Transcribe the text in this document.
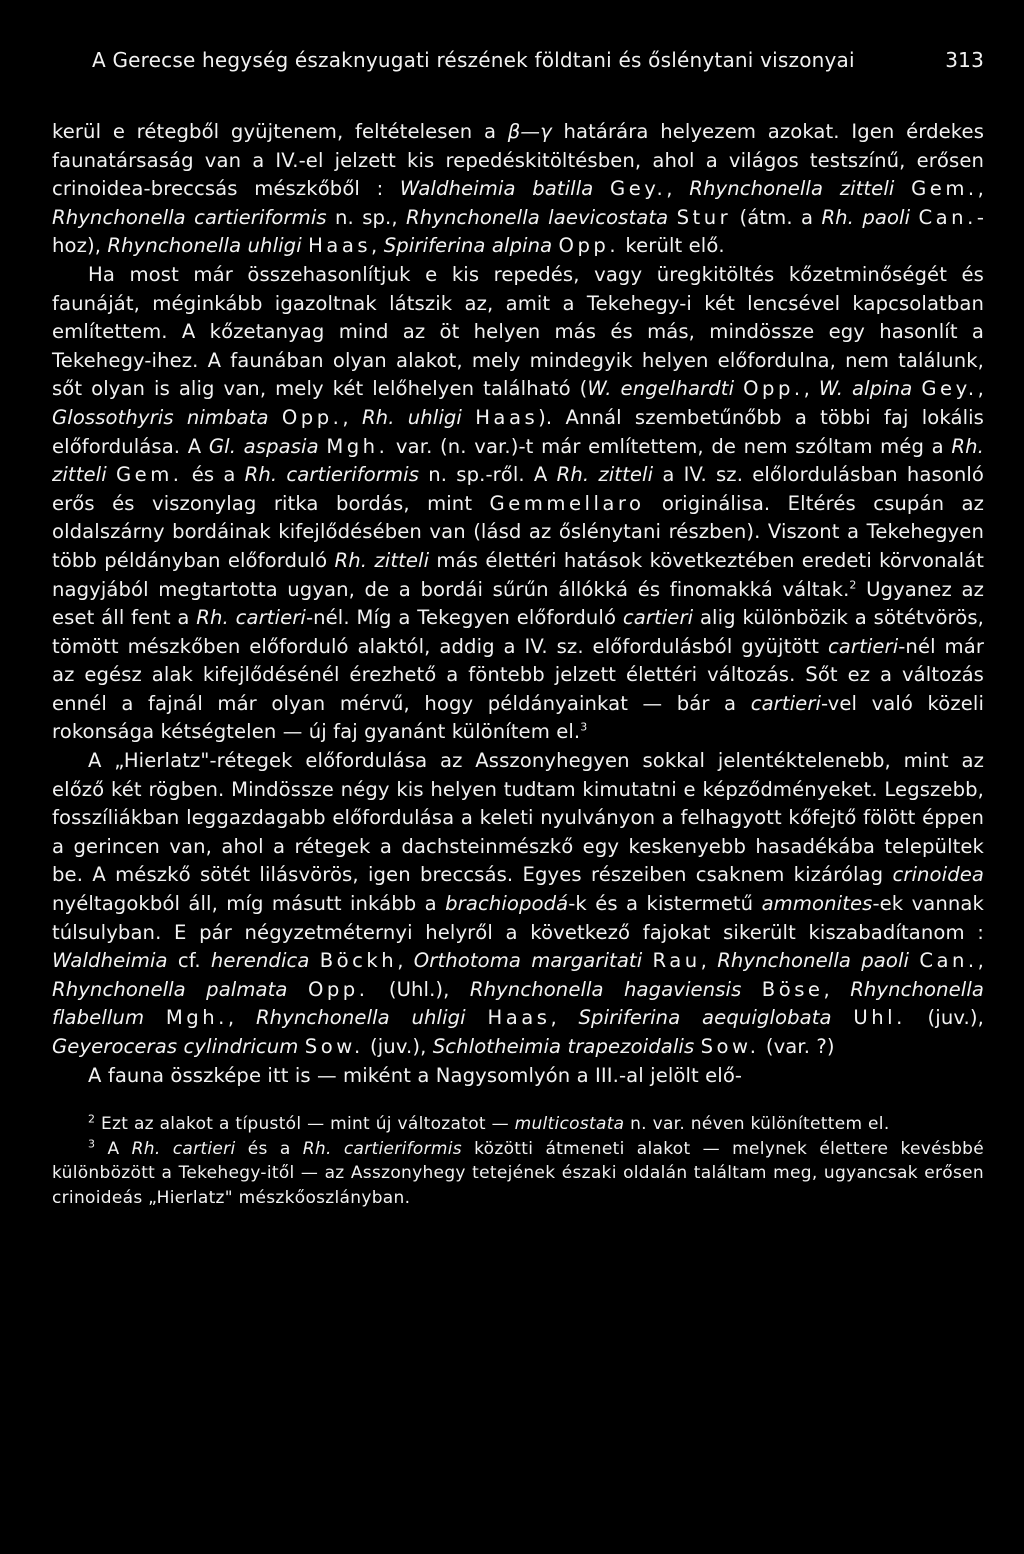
A Gerecse hegység északnyugati részének földtani és őslénytani viszonyai	313

kerül e rétegből gyüjtenem, feltételesen a β—γ határára helyezem azokat. Igen érdekes faunatársaság van a IV.-el jelzett kis repedéskitöltésben, ahol a világos testszínű, erősen crinoidea-breccsás mészkőből : Waldheimia batilla Gey., Rhynchonella zitteli Gem., Rhynchonella cartieriformis n. sp., Rhynchonella laevicostata Stur (átm. a Rh. paoli Can.-hoz), Rhynchonella uhligi Haas, Spiriferina alpina Opp. került elő.

Ha most már összehasonlítjuk e kis repedés, vagy üregkitöltés kőzetminőségét és faunáját, méginkább igazoltnak látszik az, amit a Tekehegy-i két lencsével kapcsolatban említettem. A kőzetanyag mind az öt helyen más és más, mindössze egy hasonlít a Tekehegy-ihez. A faunában olyan alakot, mely mindegyik helyen előfordulna, nem találunk, sőt olyan is alig van, mely két lelőhelyen található (W. engelhardti Opp., W. alpina Gey., Glossothyris nimbata Opp., Rh. uhligi Haas). Annál szembetűnőbb a többi faj lokális előfordulása. A Gl. aspasia Mgh. var. (n. var.)-t már említettem, de nem szóltam még a Rh. zitteli Gem. és a Rh. cartieriformis n. sp.-ről. A Rh. zitteli a IV. sz. előlordulásban hasonló erős és viszonylag ritka bordás, mint Gemmellaro originálisa. Eltérés csupán az oldalszárny bordáinak kifejlődésében van (lásd az őslénytani részben). Viszont a Tekehegyen több példányban előforduló Rh. zitteli más élettéri hatások következtében eredeti körvonalát nagyjából megtartotta ugyan, de a bordái sűrűn állókká és finomakká váltak.$^2$ Ugyanez az eset áll fent a Rh. cartieri-nél. Míg a Tekegyen előforduló cartieri alig különbözik a sötétvörös, tömött mészkőben előforduló alaktól, addig a IV. sz. előfordulásból gyüjtött cartieri-nél már az egész alak kifejlődésénél érezhető a föntebb jelzett élettéri változás. Sőt ez a változás ennél a fajnál már olyan mérvű, hogy példányainkat — bár a cartieri-vel való közeli rokonsága kétségtelen — új faj gyanánt különítem el.$^3$

A „Hierlatz"-rétegek előfordulása az Asszonyhegyen sokkal jelentéktelenebb, mint az előző két rögben. Mindössze négy kis helyen tudtam kimutatni e képződményeket. Legszebb, fosszíliákban leggazdagabb előfordulása a keleti nyulványon a felhagyott kőfejtő fölött éppen a gerincen van, ahol a rétegek a dachsteinmészkő egy keskenyebb hasadékába települtek be. A mészkő sötét lilásvörös, igen breccsás. Egyes részeiben csaknem kizárólag crinoidea nyéltagokból áll, míg másutt inkább a brachiopodá-k és a kistermetű ammonites-ek vannak túlsulyban. E pár négyzetméternyi helyről a következő fajokat sikerült kiszabadítanom : Waldheimia cf. herendica Böckh, Orthotoma margaritati Rau, Rhynchonella paoli Can., Rhynchonella palmata Opp. (Uhl.), Rhynchonella hagaviensis Böse, Rhynchonella flabellum Mgh., Rhynchonella uhligi Haas, Spiriferina aequiglobata Uhl. (juv.), Geyeroceras cylindricum Sow. (juv.), Schlotheimia trapezoidalis Sow. (var. ?)

A fauna összképe itt is — miként a Nagysomlyón a III.-al jelölt elő-

$^2$ Ezt az alakot a típustól — mint új változatot — multicostata n. var. néven különítettem el.

$^3$ A Rh. cartieri és a Rh. cartieriformis közötti átmeneti alakot — melynek élettere kevésbbé különbözött a Tekehegy-itől — az Asszonyhegy tetejének északi oldalán találtam meg, ugyancsak erősen crinoideás „Hierlatz" mészkőoszlányban.
